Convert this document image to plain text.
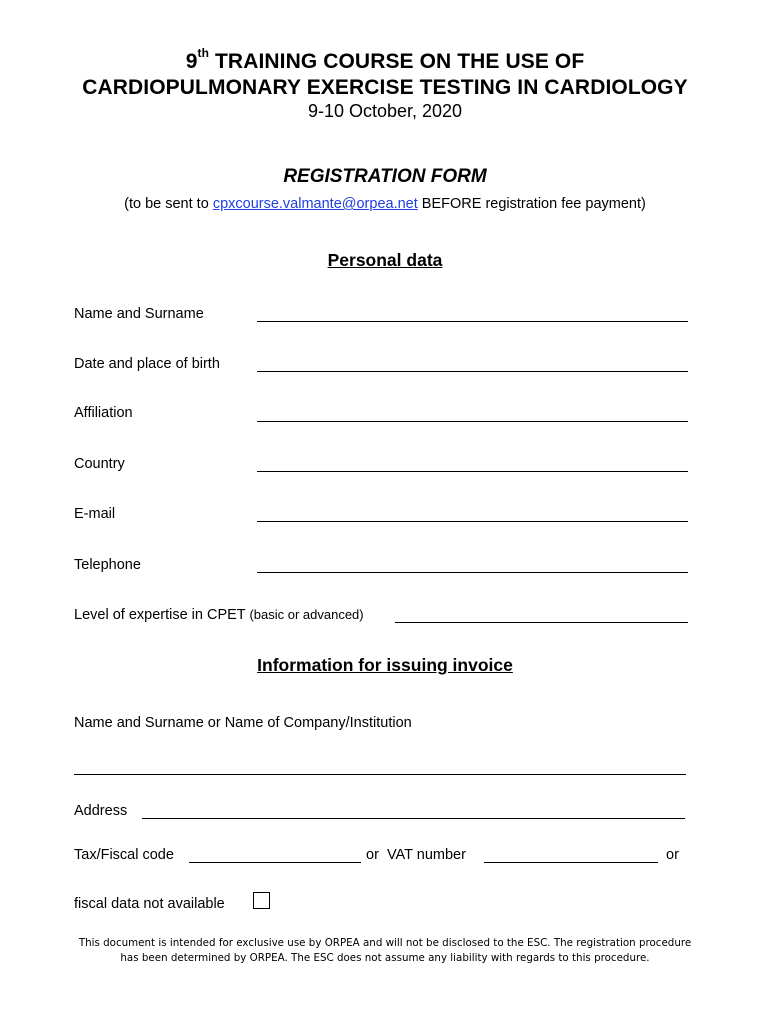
9th TRAINING COURSE ON THE USE OF
CARDIOPULMONARY EXERCISE TESTING IN CARDIOLOGY
9-10 October, 2020
REGISTRATION FORM
(to be sent to cpxcourse.valmante@orpea.net BEFORE registration fee payment)
Personal data
Name and Surname
Date and place of birth
Affiliation
Country
E-mail
Telephone
Level of expertise in CPET (basic or advanced)
Information for issuing invoice
Name and Surname or Name of Company/Institution
Address
Tax/Fiscal code	or  VAT number	or
fiscal data not available
This document is intended for exclusive use by ORPEA and will not be disclosed to the ESC. The registration procedure
has been determined by ORPEA. The ESC does not assume any liability with regards to this procedure.
